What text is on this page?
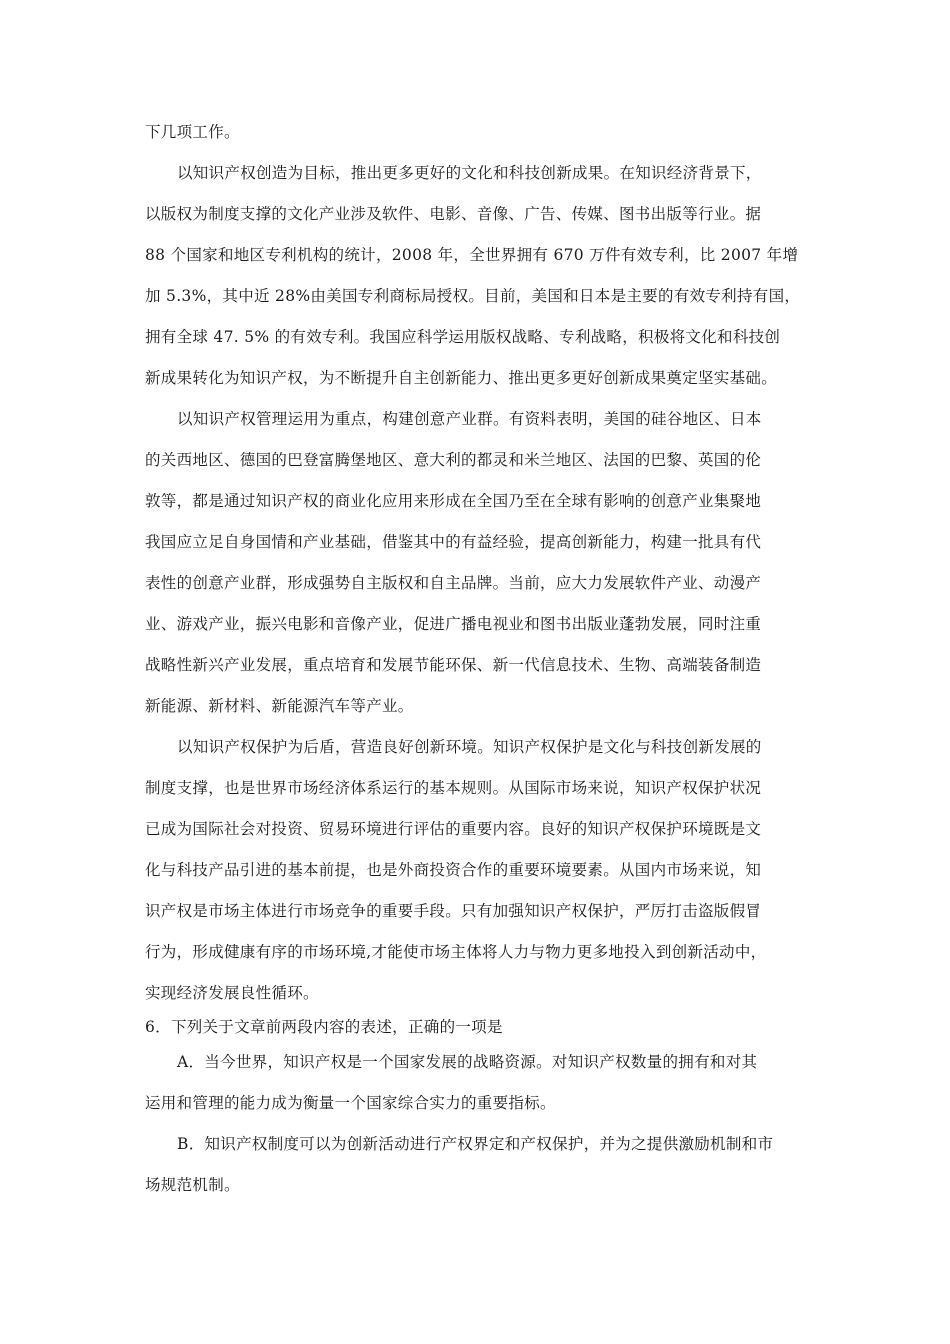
下几项工作。
以知识产权创造为目标，推出更多更好的文化和科技创新成果。在知识经济背景下，
以版权为制度支撑的文化产业涉及软件、电影、音像、广告、传媒、图书出版等行业。据
88 个国家和地区专利机构的统计，2008 年，全世界拥有 670 万件有效专利，比 2007 年增
加 5.3%，其中近 28%由美国专利商标局授权。目前，美国和日本是主要的有效专利持有国，
拥有全球 47. 5% 的有效专利。我国应科学运用版权战略、专利战略，积极将文化和科技创
新成果转化为知识产权，为不断提升自主创新能力、推出更多更好创新成果奠定坚实基础。
以知识产权管理运用为重点，构建创意产业群。有资料表明，美国的硅谷地区、日本
的关西地区、德国的巴登富腾堡地区、意大利的都灵和米兰地区、法国的巴黎、英国的伦
敦等，都是通过知识产权的商业化应用来形成在全国乃至在全球有影响的创意产业集聚地
我国应立足自身国情和产业基础，借鉴其中的有益经验，提高创新能力，构建一批具有代
表性的创意产业群，形成强势自主版权和自主品牌。当前，应大力发展软件产业、动漫产
业、游戏产业，振兴电影和音像产业，促进广播电视业和图书出版业蓬勃发展，同时注重
战略性新兴产业发展，重点培育和发展节能环保、新一代信息技术、生物、高端装备制造
新能源、新材料、新能源汽车等产业。
以知识产权保护为后盾，营造良好创新环境。知识产权保护是文化与科技创新发展的
制度支撑，也是世界市场经济体系运行的基本规则。从国际市场来说，知识产权保护状况
已成为国际社会对投资、贸易环境进行评估的重要内容。良好的知识产权保护环境既是文
化与科技产品引进的基本前提，也是外商投资合作的重要环境要素。从国内市场来说，知
识产权是市场主体进行市场竞争的重要手段。只有加强知识产权保护，严厉打击盗版假冒
行为，形成健康有序的市场环境,才能使市场主体将人力与物力更多地投入到创新活动中，
实现经济发展良性循环。
6．下列关于文章前两段内容的表述，正确的一项是
A．当今世界，知识产权是一个国家发展的战略资源。对知识产权数量的拥有和对其
运用和管理的能力成为衡量一个国家综合实力的重要指标。
B．知识产权制度可以为创新活动进行产权界定和产权保护，并为之提供激励机制和市
场规范机制。
